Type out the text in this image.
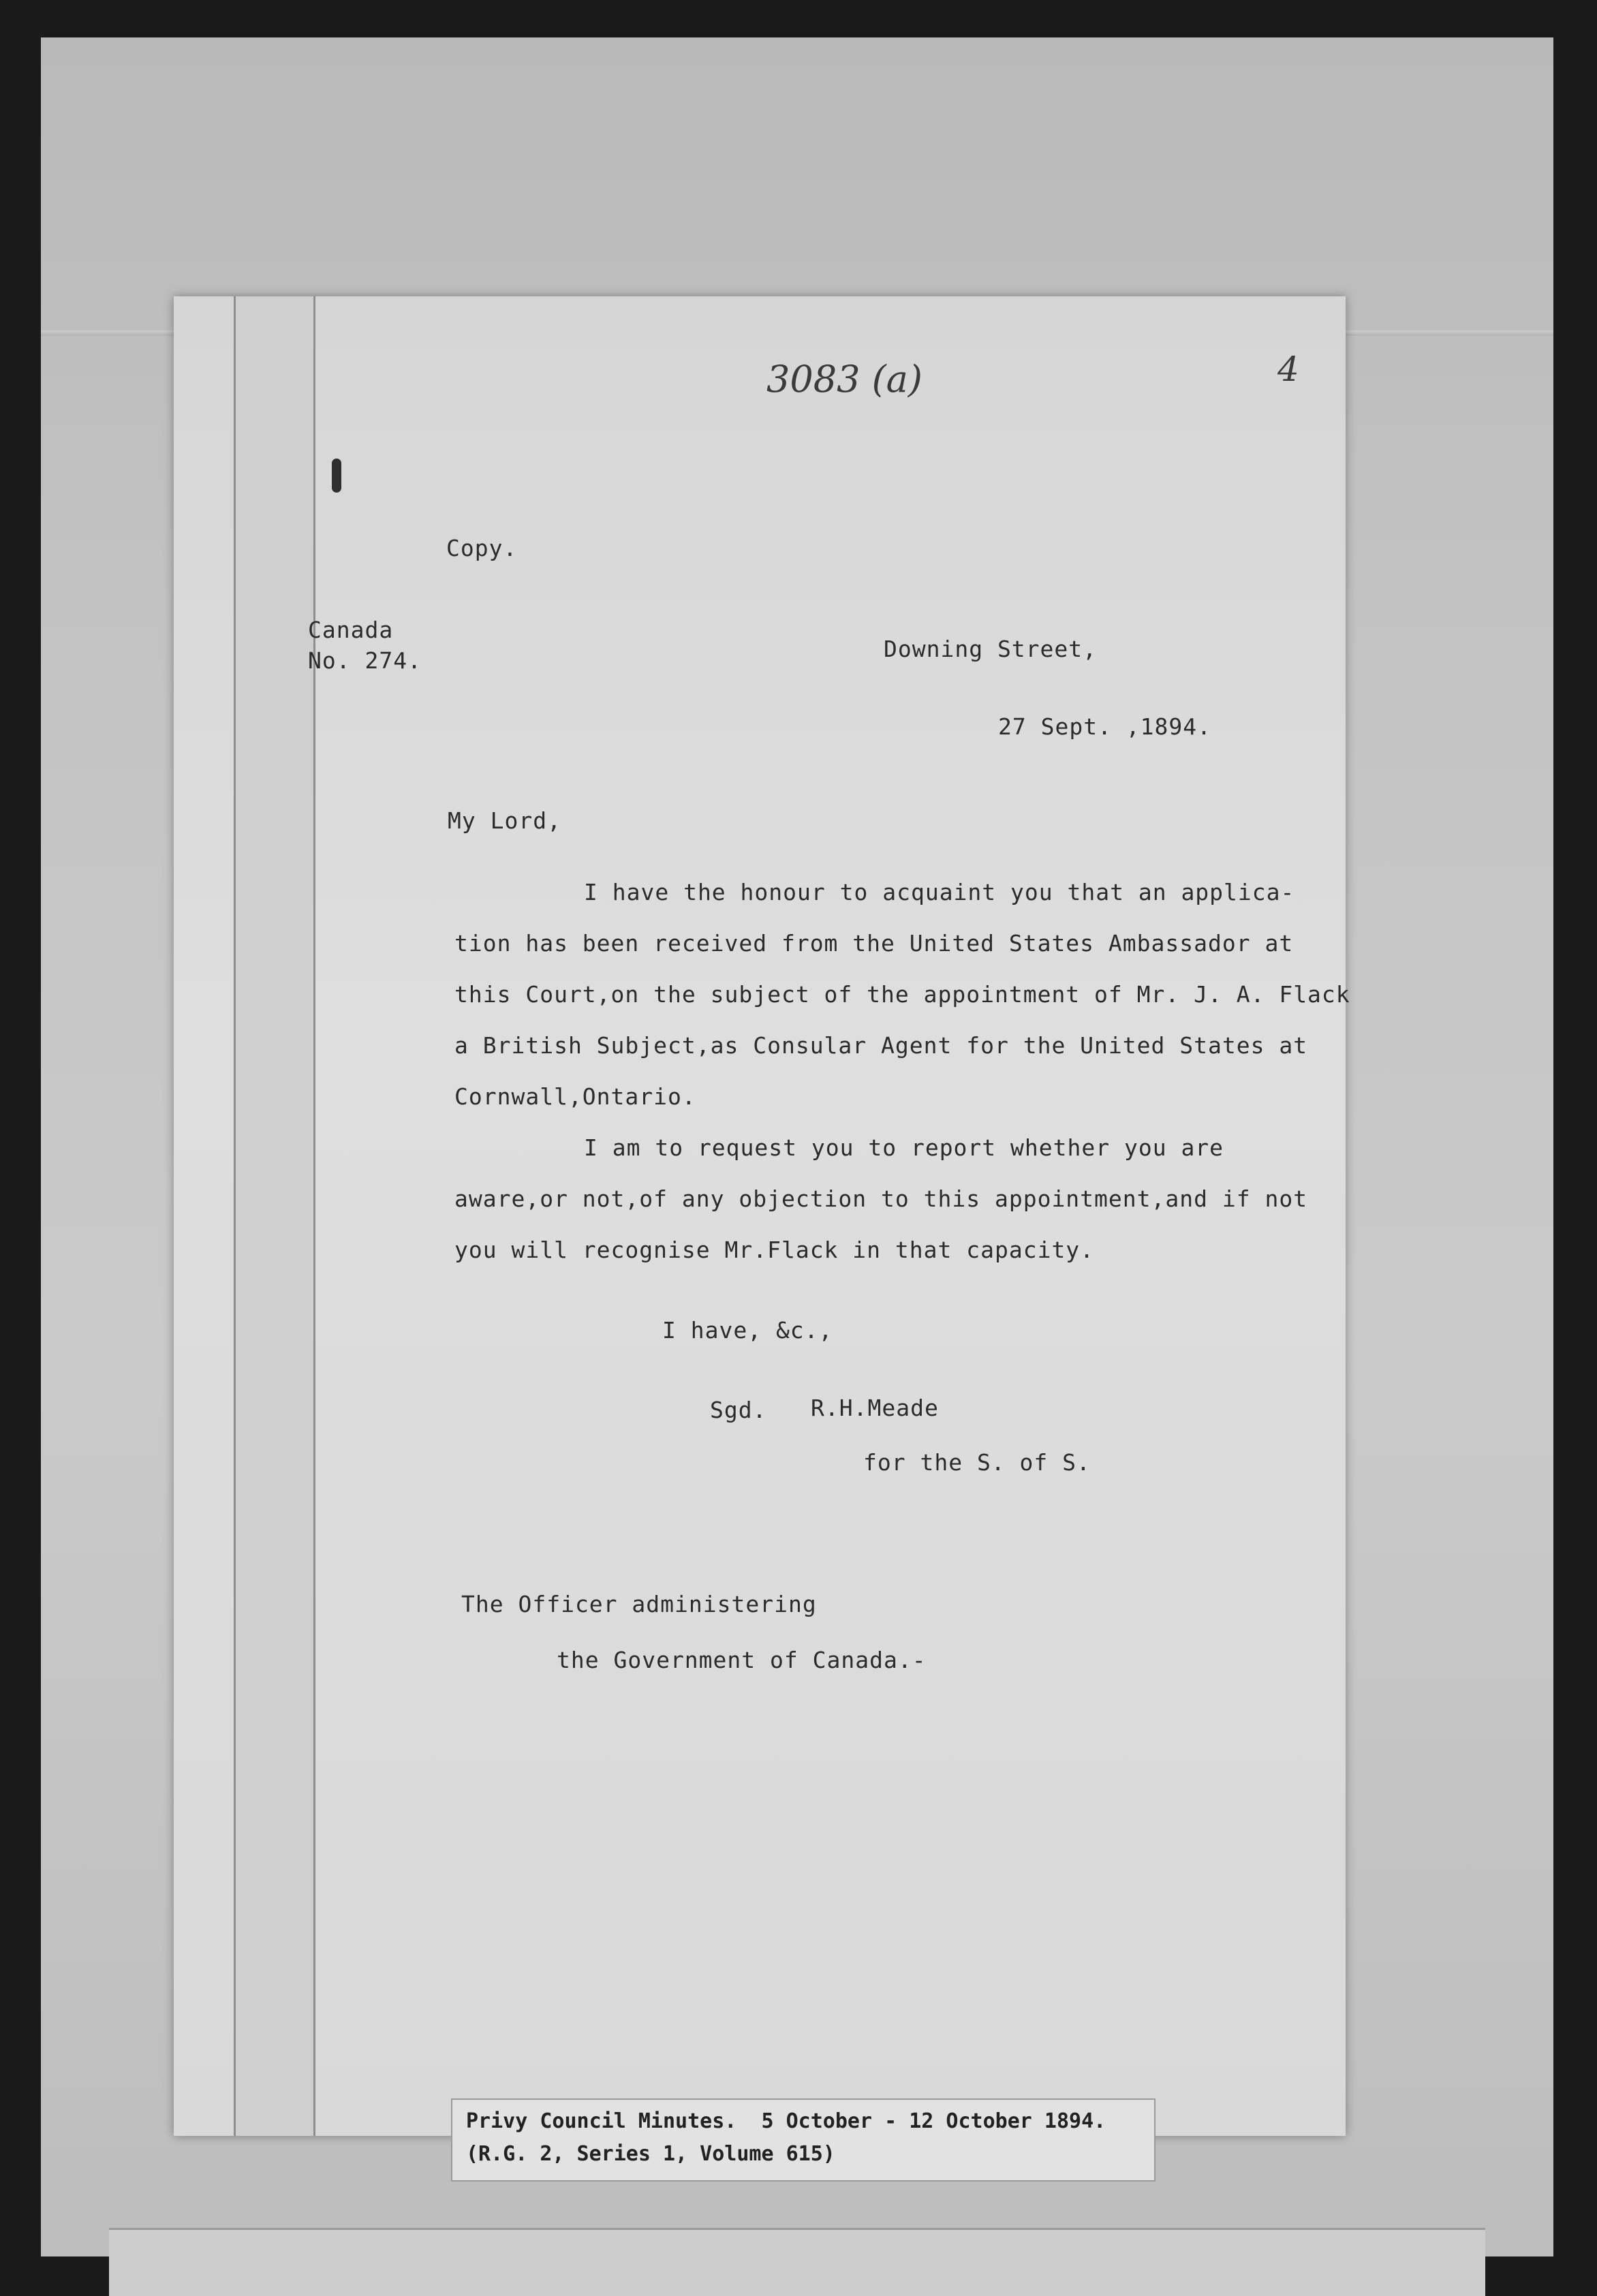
3083 (a)	4
Copy.
Canada
No. 274.	Downing Street,
27 Sept. ,1894.
My Lord,
I have the honour to acquaint you that an applica-
tion has been received from the United States Ambassador at
this Court,on the subject of the appointment of Mr. J. A. Flack
a British Subject,as Consular Agent for the United States at
Cornwall,Ontario.
I am to request you to report whether you are
aware,or not,of any objection to this appointment,and if not
you will recognise Mr.Flack in that capacity.
I have, &c.,
Sgd. R.H.Meade
for the S. of S.
The Officer administering
the Government of Canada.-
Privy Council Minutes.  5 October - 12 October 1894.
(R.G. 2, Series 1, Volume 615)
